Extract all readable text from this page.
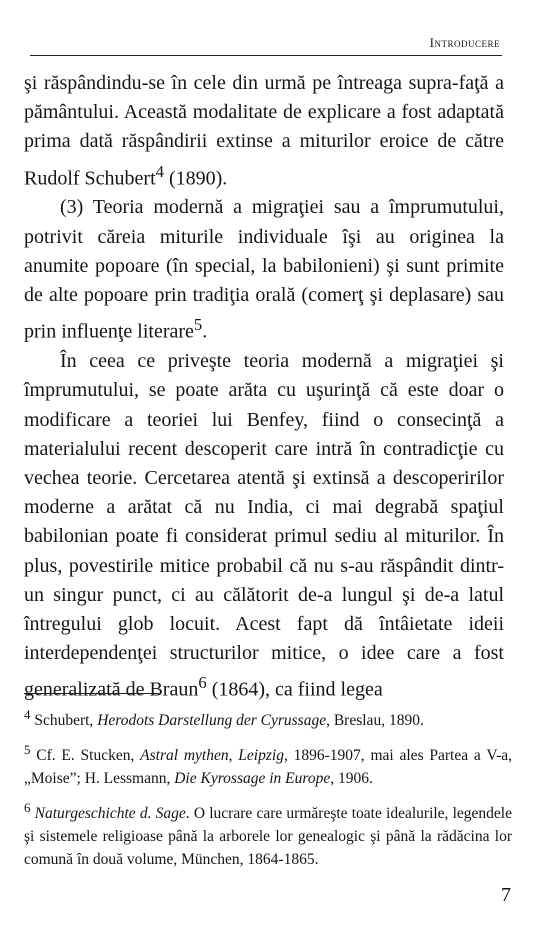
Introducere

şi răspândindu-se în cele din urmă pe întreaga supra-faţă a pământului. Această modalitate de explicare a fost adaptată prima dată răspândirii extinse a miturilor eroice de către Rudolf Schubert$^4$ (1890).

(3) Teoria modernă a migraţiei sau a împrumutului, potrivit căreia miturile individuale îşi au originea la anumite popoare (în special, la babilonieni) şi sunt primite de alte popoare prin tradiţia orală (comerţ şi deplasare) sau prin influenţe literare$^5$.

În ceea ce priveşte teoria modernă a migraţiei şi împrumutului, se poate arăta cu uşurinţă că este doar o modificare a teoriei lui Benfey, fiind o consecinţă a materialului recent descoperit care intră în contradicţie cu vechea teorie. Cercetarea atentă şi extinsă a descoperirilor moderne a arătat că nu India, ci mai degrabă spaţiul babilonian poate fi considerat primul sediu al miturilor. În plus, povestirile mitice probabil că nu s-au răspândit dintr-un singur punct, ci au călătorit de-a lungul şi de-a latul întregului glob locuit. Acest fapt dă întâietate ideii interdependenţei structurilor mitice, o idee care a fost generalizată de Braun$^6$ (1864), ca fiind legea

$^4$ Schubert, Herodots Darstellung der Cyrussage, Breslau, 1890.

$^5$ Cf. E. Stucken, Astral mythen, Leipzig, 1896-1907, mai ales Partea a V-a, „Moise”; H. Lessmann, Die Kyrossage in Europe, 1906.

$^6$ Naturgeschichte d. Sage. O lucrare care urmăreşte toate idealurile, legendele şi sistemele religioase până la arborele lor genealogic şi până la rădăcina lor comună în două volume, München, 1864-1865.

7
